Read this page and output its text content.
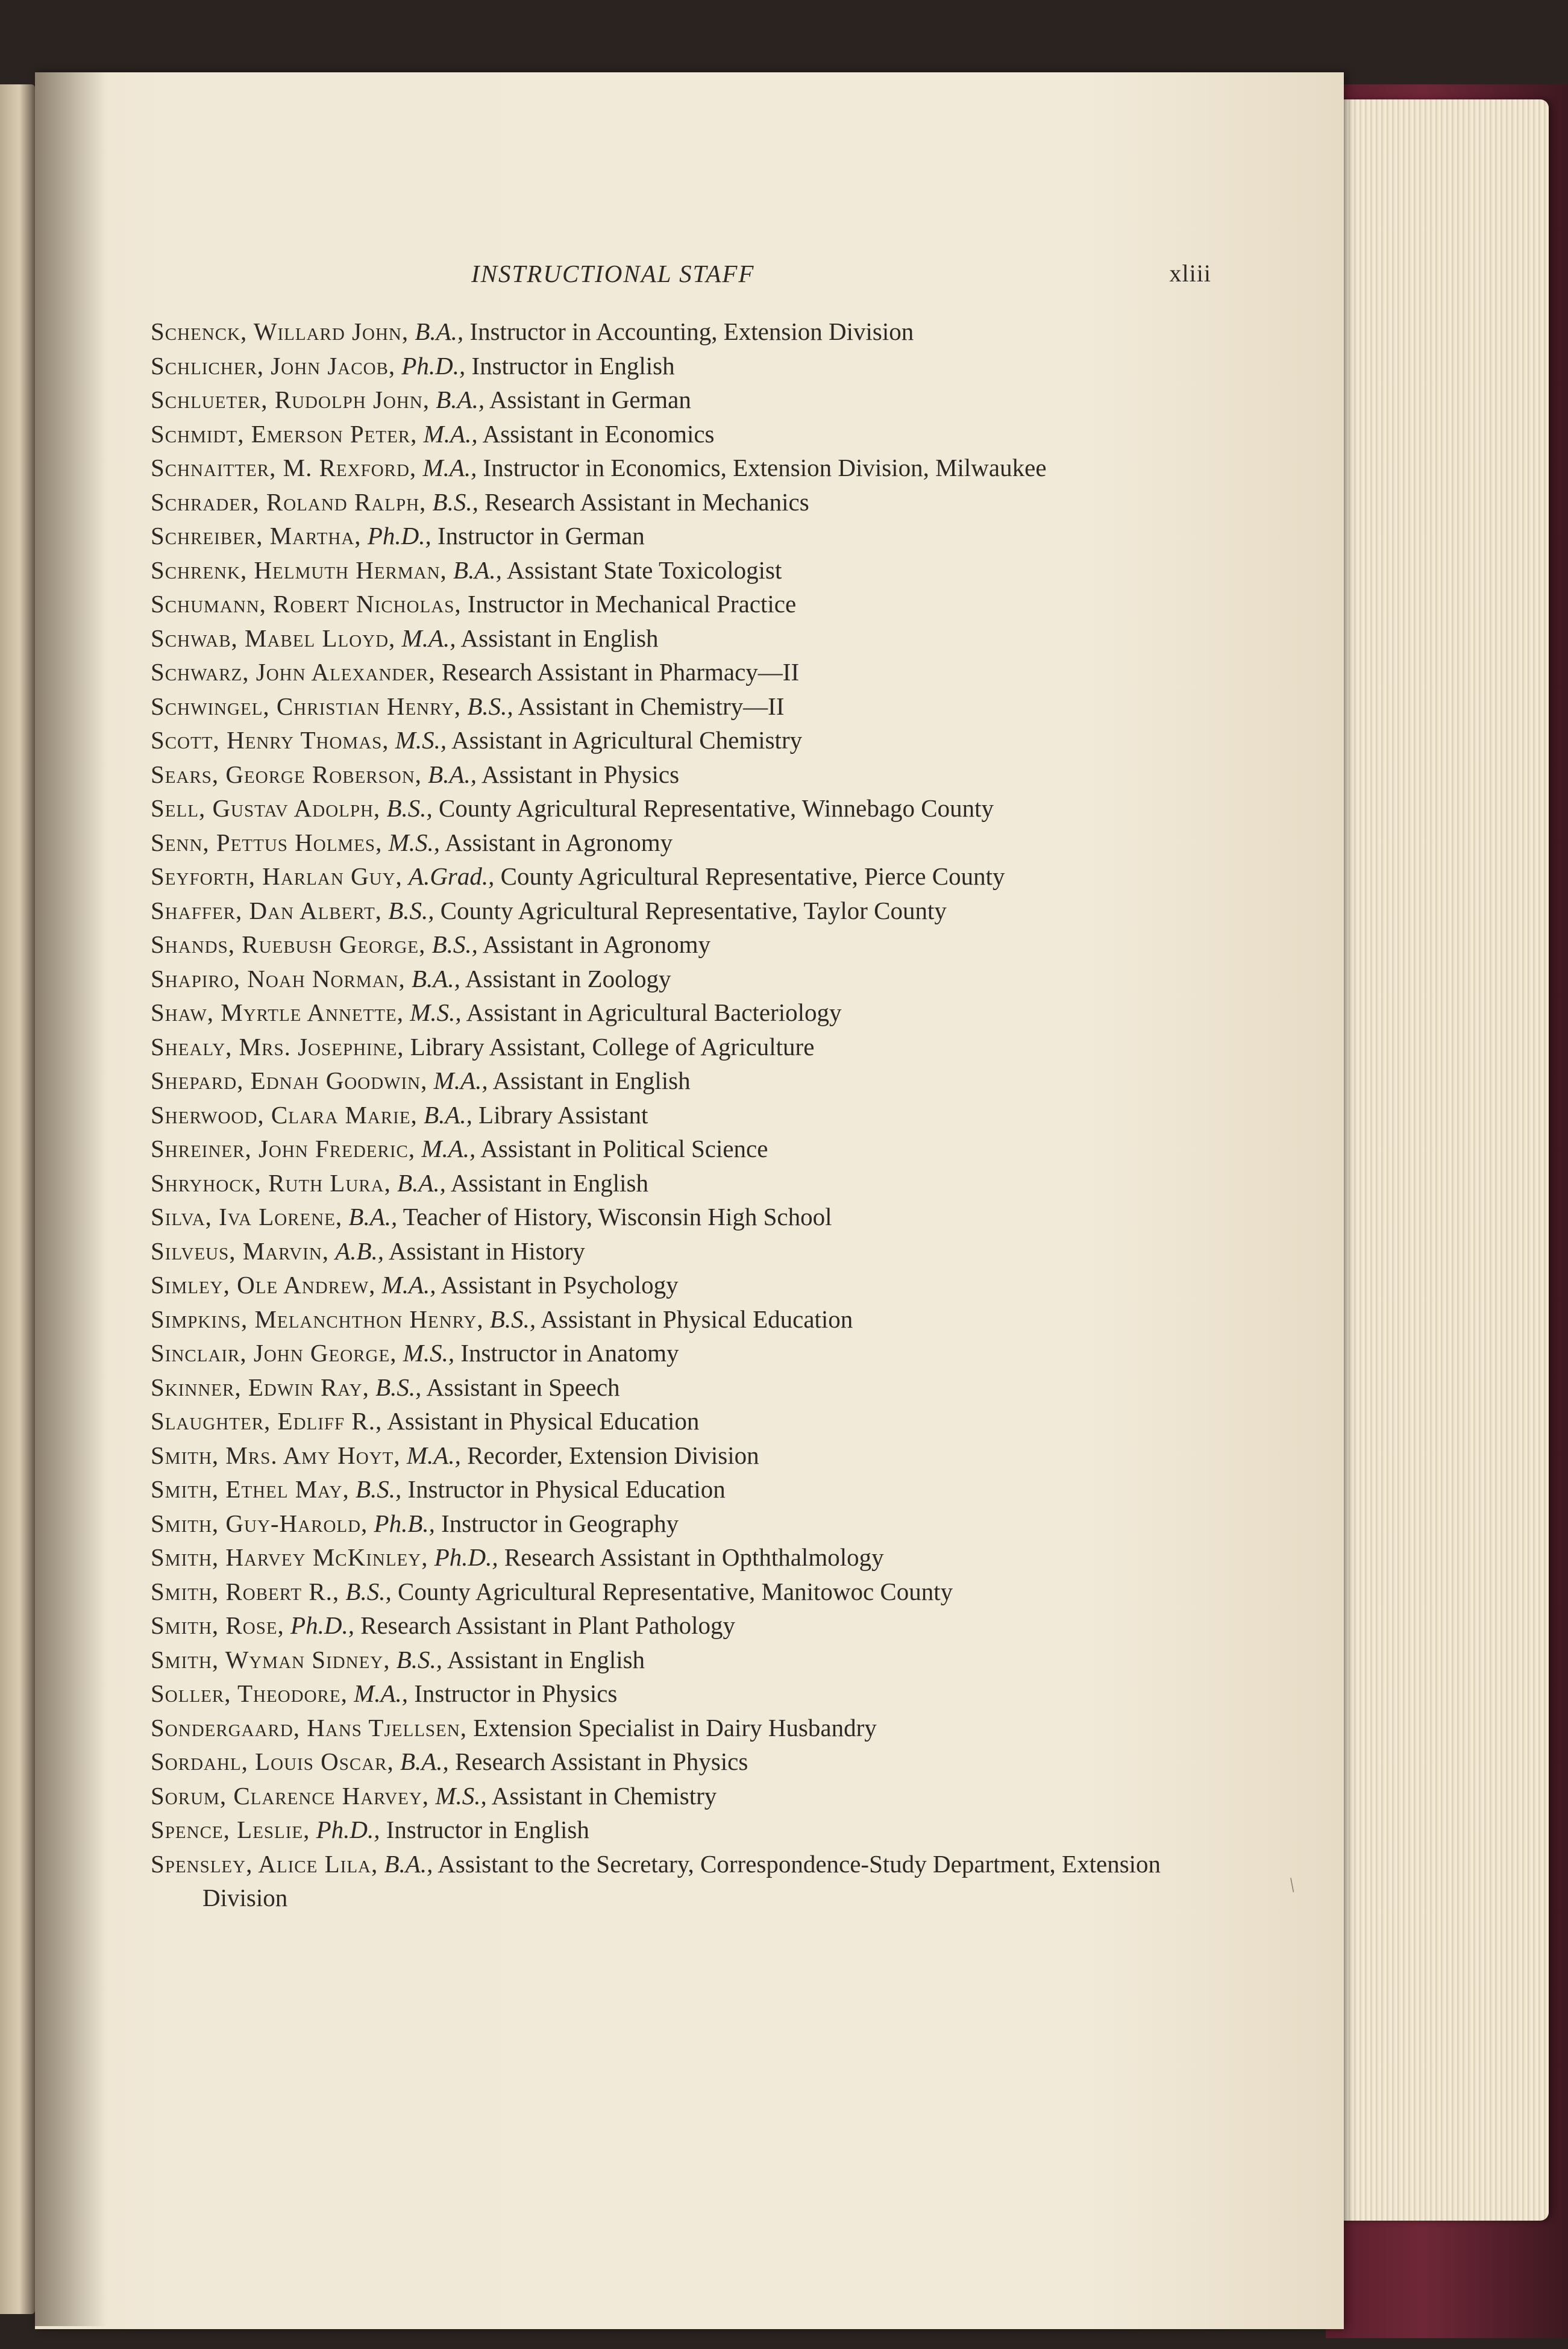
INSTRUCTIONAL STAFF	xliii
Schenck, Willard John, B.A., Instructor in Accounting, Extension Division
Schlicher, John Jacob, Ph.D., Instructor in English
Schlueter, Rudolph John, B.A., Assistant in German
Schmidt, Emerson Peter, M.A., Assistant in Economics
Schnaitter, M. Rexford, M.A., Instructor in Economics, Extension Division, Milwaukee
Schrader, Roland Ralph, B.S., Research Assistant in Mechanics
Schreiber, Martha, Ph.D., Instructor in German
Schrenk, Helmuth Herman, B.A., Assistant State Toxicologist
Schumann, Robert Nicholas, Instructor in Mechanical Practice
Schwab, Mabel Lloyd, M.A., Assistant in English
Schwarz, John Alexander, Research Assistant in Pharmacy—II
Schwingel, Christian Henry, B.S., Assistant in Chemistry—II
Scott, Henry Thomas, M.S., Assistant in Agricultural Chemistry
Sears, George Roberson, B.A., Assistant in Physics
Sell, Gustav Adolph, B.S., County Agricultural Representative, Winnebago County
Senn, Pettus Holmes, M.S., Assistant in Agronomy
Seyforth, Harlan Guy, A.Grad., County Agricultural Representative, Pierce County
Shaffer, Dan Albert, B.S., County Agricultural Representative, Taylor County
Shands, Ruebush George, B.S., Assistant in Agronomy
Shapiro, Noah Norman, B.A., Assistant in Zoology
Shaw, Myrtle Annette, M.S., Assistant in Agricultural Bacteriology
Shealy, Mrs. Josephine, Library Assistant, College of Agriculture
Shepard, Ednah Goodwin, M.A., Assistant in English
Sherwood, Clara Marie, B.A., Library Assistant
Shreiner, John Frederic, M.A., Assistant in Political Science
Shryhock, Ruth Lura, B.A., Assistant in English
Silva, Iva Lorene, B.A., Teacher of History, Wisconsin High School
Silveus, Marvin, A.B., Assistant in History
Simley, Ole Andrew, M.A., Assistant in Psychology
Simpkins, Melanchthon Henry, B.S., Assistant in Physical Education
Sinclair, John George, M.S., Instructor in Anatomy
Skinner, Edwin Ray, B.S., Assistant in Speech
Slaughter, Edliff R., Assistant in Physical Education
Smith, Mrs. Amy Hoyt, M.A., Recorder, Extension Division
Smith, Ethel May, B.S., Instructor in Physical Education
Smith, Guy-Harold, Ph.B., Instructor in Geography
Smith, Harvey McKinley, Ph.D., Research Assistant in Opththalmology
Smith, Robert R., B.S., County Agricultural Representative, Manitowoc County
Smith, Rose, Ph.D., Research Assistant in Plant Pathology
Smith, Wyman Sidney, B.S., Assistant in English
Soller, Theodore, M.A., Instructor in Physics
Sondergaard, Hans Tjellsen, Extension Specialist in Dairy Husbandry
Sordahl, Louis Oscar, B.A., Research Assistant in Physics
Sorum, Clarence Harvey, M.S., Assistant in Chemistry
Spence, Leslie, Ph.D., Instructor in English
Spensley, Alice Lila, B.A., Assistant to the Secretary, Correspondence-Study Department, Extension Division	/
